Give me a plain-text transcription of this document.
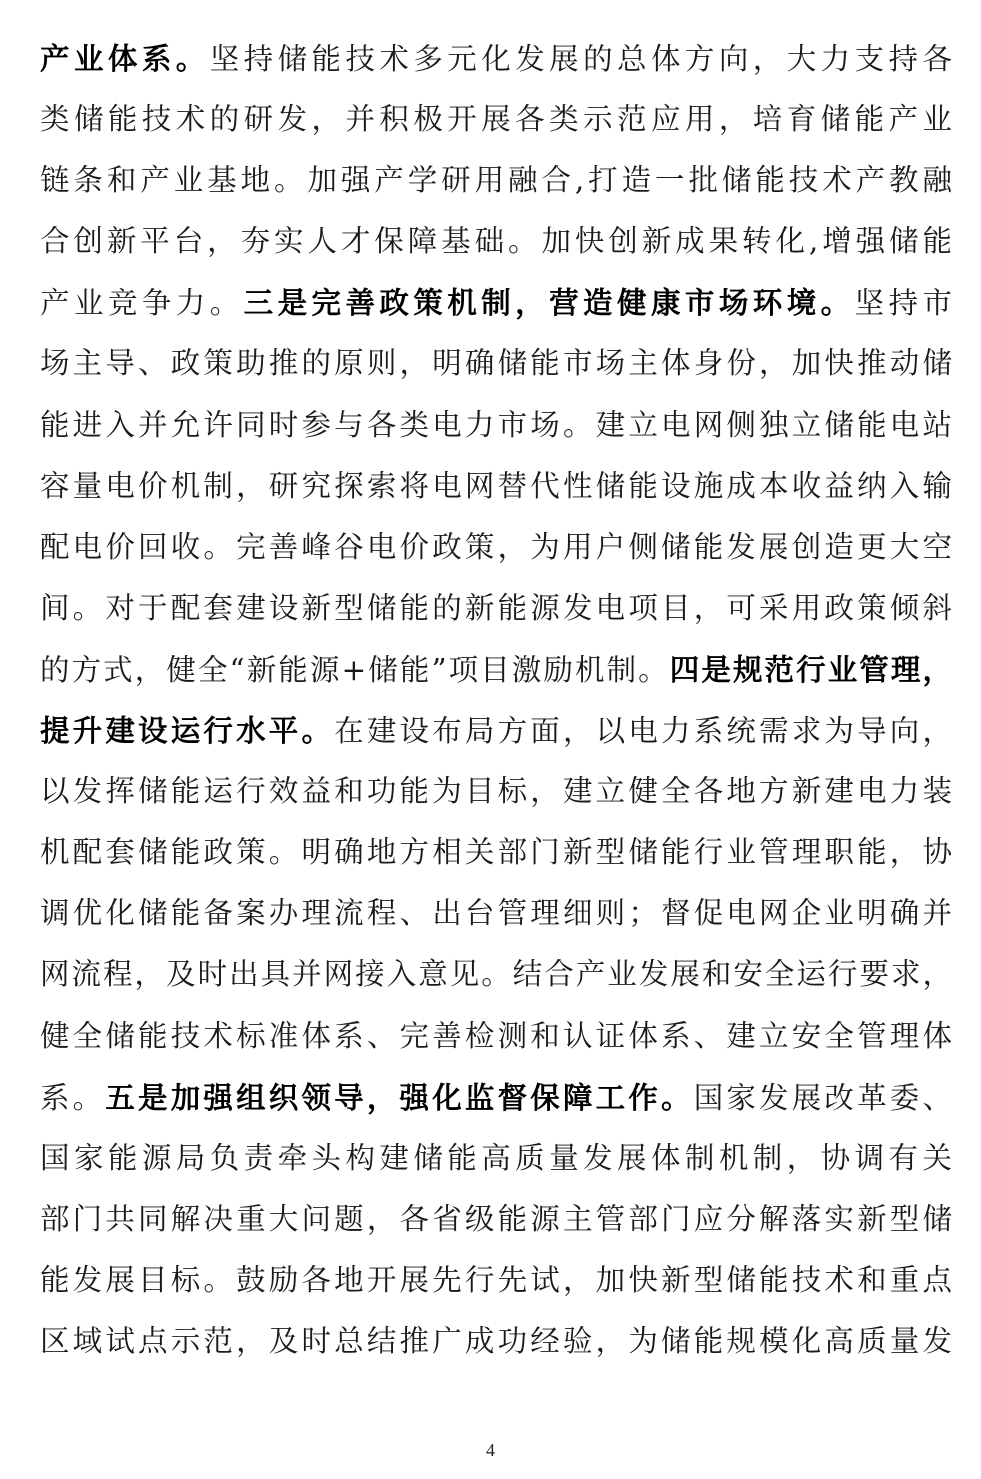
产业体系。坚持储能技术多元化发展的总体方向，大力支持各
类储能技术的研发，并积极开展各类示范应用，培育储能产业
链条和产业基地。加强产学研用融合,打造一批储能技术产教融
合创新平台，夯实人才保障基础。加快创新成果转化,增强储能
产业竞争力。三是完善政策机制，营造健康市场环境。坚持市
场主导、政策助推的原则，明确储能市场主体身份，加快推动储
能进入并允许同时参与各类电力市场。建立电网侧独立储能电站
容量电价机制，研究探索将电网替代性储能设施成本收益纳入输
配电价回收。完善峰谷电价政策，为用户侧储能发展创造更大空
间。对于配套建设新型储能的新能源发电项目，可采用政策倾斜
的方式，健全“新能源+储能”项目激励机制。四是规范行业管理，
提升建设运行水平。在建设布局方面，以电力系统需求为导向，
以发挥储能运行效益和功能为目标，建立健全各地方新建电力装
机配套储能政策。明确地方相关部门新型储能行业管理职能，协
调优化储能备案办理流程、出台管理细则；督促电网企业明确并
网流程，及时出具并网接入意见。结合产业发展和安全运行要求，
健全储能技术标准体系、完善检测和认证体系、建立安全管理体
系。五是加强组织领导，强化监督保障工作。国家发展改革委、
国家能源局负责牵头构建储能高质量发展体制机制，协调有关
部门共同解决重大问题，各省级能源主管部门应分解落实新型储
能发展目标。鼓励各地开展先行先试，加快新型储能技术和重点
区域试点示范，及时总结推广成功经验，为储能规模化高质量发
4
